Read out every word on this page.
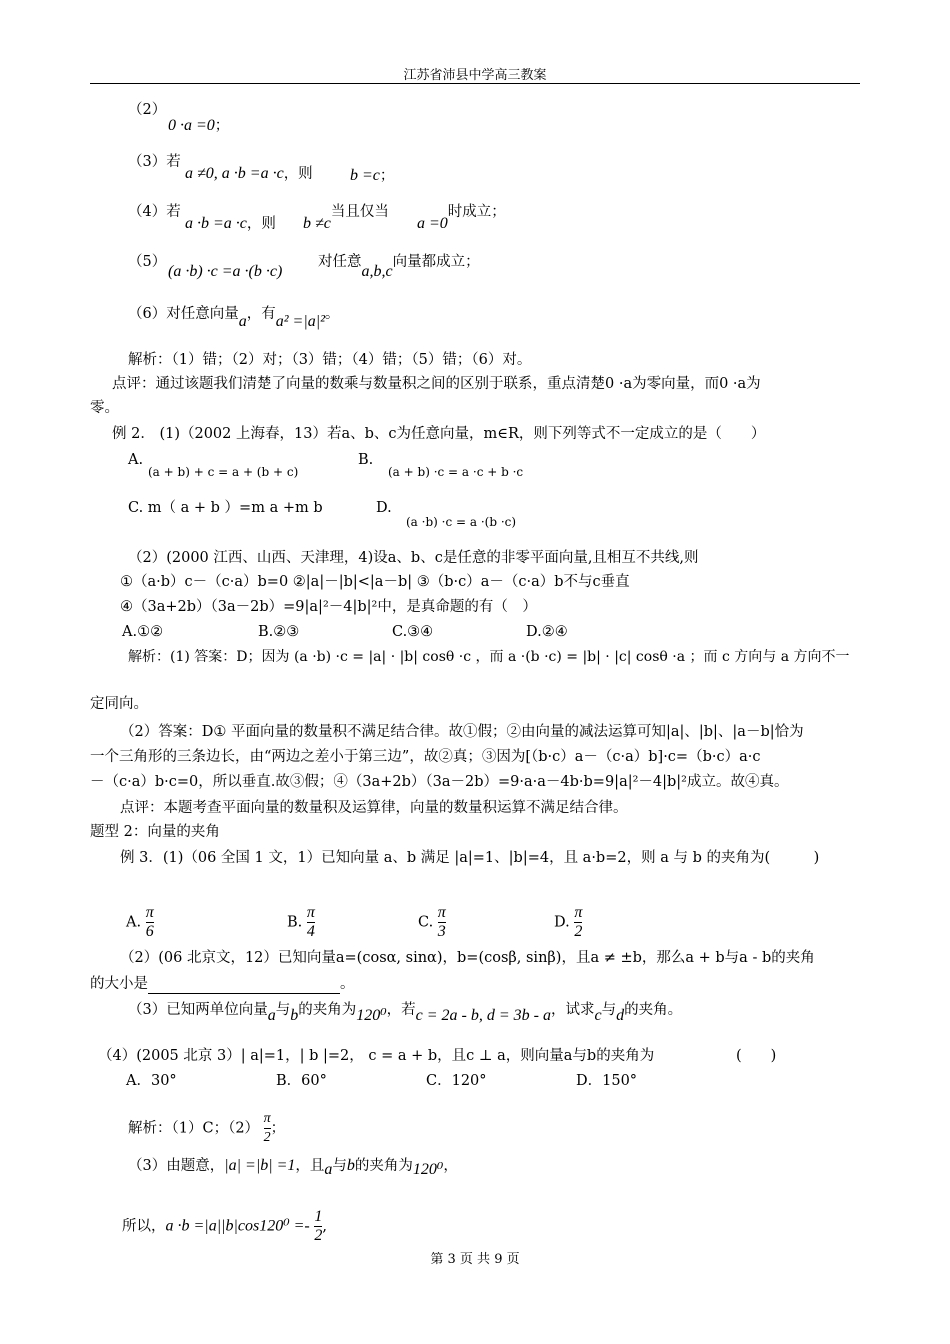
江苏省沛县中学高三教案
（2）
0 ·a =0；
（3）若
a ≠0, a ·b =a ·c，则 b =c；
（4）若
a ·b =a ·c，则 b ≠c当且仅当
a =0时成立；
（5）
(a ·b) ·c =a ·(b ·c)
对任意a,b,c向量都成立；
（6）对任意向量a，有a² =|a|²。
解析：（1）错；（2）对；（3）错；（4）错；（5）错；（6）对。
点评：通过该题我们清楚了向量的数乘与数量积之间的区别于联系，重点清楚0 ·a为零向量，而0 ·a为
零。
例 2． (1)（2002 上海春，13）若a、b、c为任意向量，m∈R，则下列等式不一定成立的是（　　）
A.
(a + b) + c = a + (b + c)
B.
(a + b) ·c = a ·c + b ·c
C. m（ a + b ）=m a +m b	D.
(a ·b) ·c = a ·(b ·c)
（2）(2000 江西、山西、天津理，4)设a、b、c是任意的非零平面向量,且相互不共线,则
①（a·b）c－（c·a）b=0 ②|a|－|b|<|a－b| ③（b·c）a－（c·a）b不与c垂直
④（3a+2b）（3a－2b）=9|a|²－4|b|²中，是真命题的有（　）
A.①②	B.②③	C.③④	D.②④
解析：(1) 答案：D；因为 (a ·b) ·c = |a| · |b| cosθ ·c ，而 a ·(b ·c) = |b| · |c| cosθ ·a ；而 c 方向与 a 方向不一
定同向。
（2）答案：D① 平面向量的数量积不满足结合律。故①假；②由向量的减法运算可知|a|、|b|、|a－b|恰为
一个三角形的三条边长，由“两边之差小于第三边”，故②真；③因为[（b·c）a－（c·a）b]·c=（b·c）a·c
－（c·a）b·c=0，所以垂直.故③假；④（3a+2b）（3a－2b）=9·a·a－4b·b=9|a|²－4|b|²成立。故④真。
点评：本题考查平面向量的数量积及运算律，向量的数量积运算不满足结合律。
题型 2：向量的夹角
例 3．(1)（06 全国 1 文，1）已知向量 a、b 满足 |a|=1、|b|=4，且 a·b=2，则 a 与 b 的夹角为(　　　)
A. $\frac{\pi}{6}$	B. $\frac{\pi}{4}$	C. $\frac{\pi}{3}$	D. $\frac{\pi}{2}$
（2）(06 北京文，12）已知向量a=(cosα, sinα)，b=(cosβ, sinβ)，且a ≠ ±b，那么a + b与a - b的夹角
的大小是	。
（3）已知两单位向量a与b的夹角为120⁰，若c = 2a - b, d = 3b - a，试求c与d的夹角。
（4）(2005 北京 3）| a|=1，| b |=2， c = a + b，且c ⊥ a，则向量a与b的夹角为	(　　)
A．30°	B．60°	C．120°	D．150°
解析：（1）C；$(2) \frac{\pi}{2}$ ；
（3）由题意，|a| =|b| =1，且a与b的夹角为120⁰，
所以，$a \cdot b =|a||b|\cos 120^0 =- \frac{1}{2}$ ,
第 3 页 共 9 页
